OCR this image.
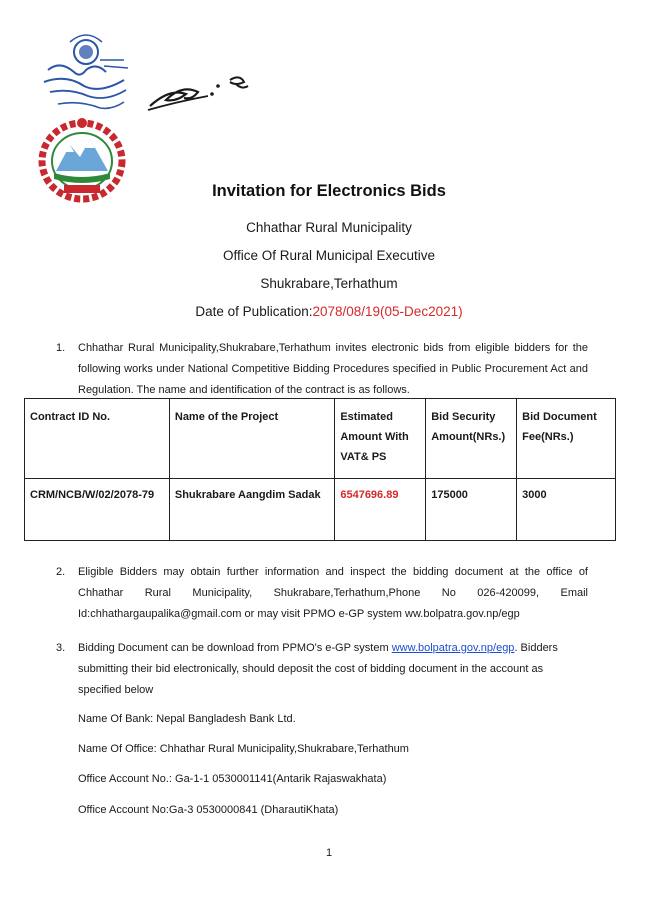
Invitation for Electronics Bids
Chhathar Rural Municipality
Office Of Rural Municipal Executive
Shukrabare,Terhathum
Date of Publication:2078/08/19(05-Dec2021)
1. Chhathar Rural Municipality,Shukrabare,Terhathum invites electronic bids from eligible bidders for the following works under National Competitive Bidding Procedures specified in Public Procurement Act and Regulation. The name and identification of the contract is as follows.
Contract ID No.	Name of the Project	Estimated Amount With VAT& PS	Bid Security Amount(NRs.)	Bid Document Fee(NRs.)
CRM/NCB/W/02/2078-79	Shukrabare Aangdim Sadak	6547696.89	175000	3000
2. Eligible Bidders may obtain further information and inspect the bidding document at the office of Chhathar Rural Municipality, Shukrabare,Terhathum,Phone No 026-420099, Email Id:chhathargaupalika@gmail.com or may visit PPMO e-GP system ww.bolpatra.gov.np/egp
3. Bidding Document can be download from PPMO's e-GP system www.bolpatra.gov.np/egp. Bidders submitting their bid electronically, should deposit the cost of bidding document in the account as specified below
Name Of Bank: Nepal Bangladesh Bank Ltd.
Name Of Office: Chhathar Rural Municipality,Shukrabare,Terhathum
Office Account No.: Ga-1-1 0530001141(Antarik Rajaswakhata)
Office Account No:Ga-3 0530000841 (DharautiKhata)
1
